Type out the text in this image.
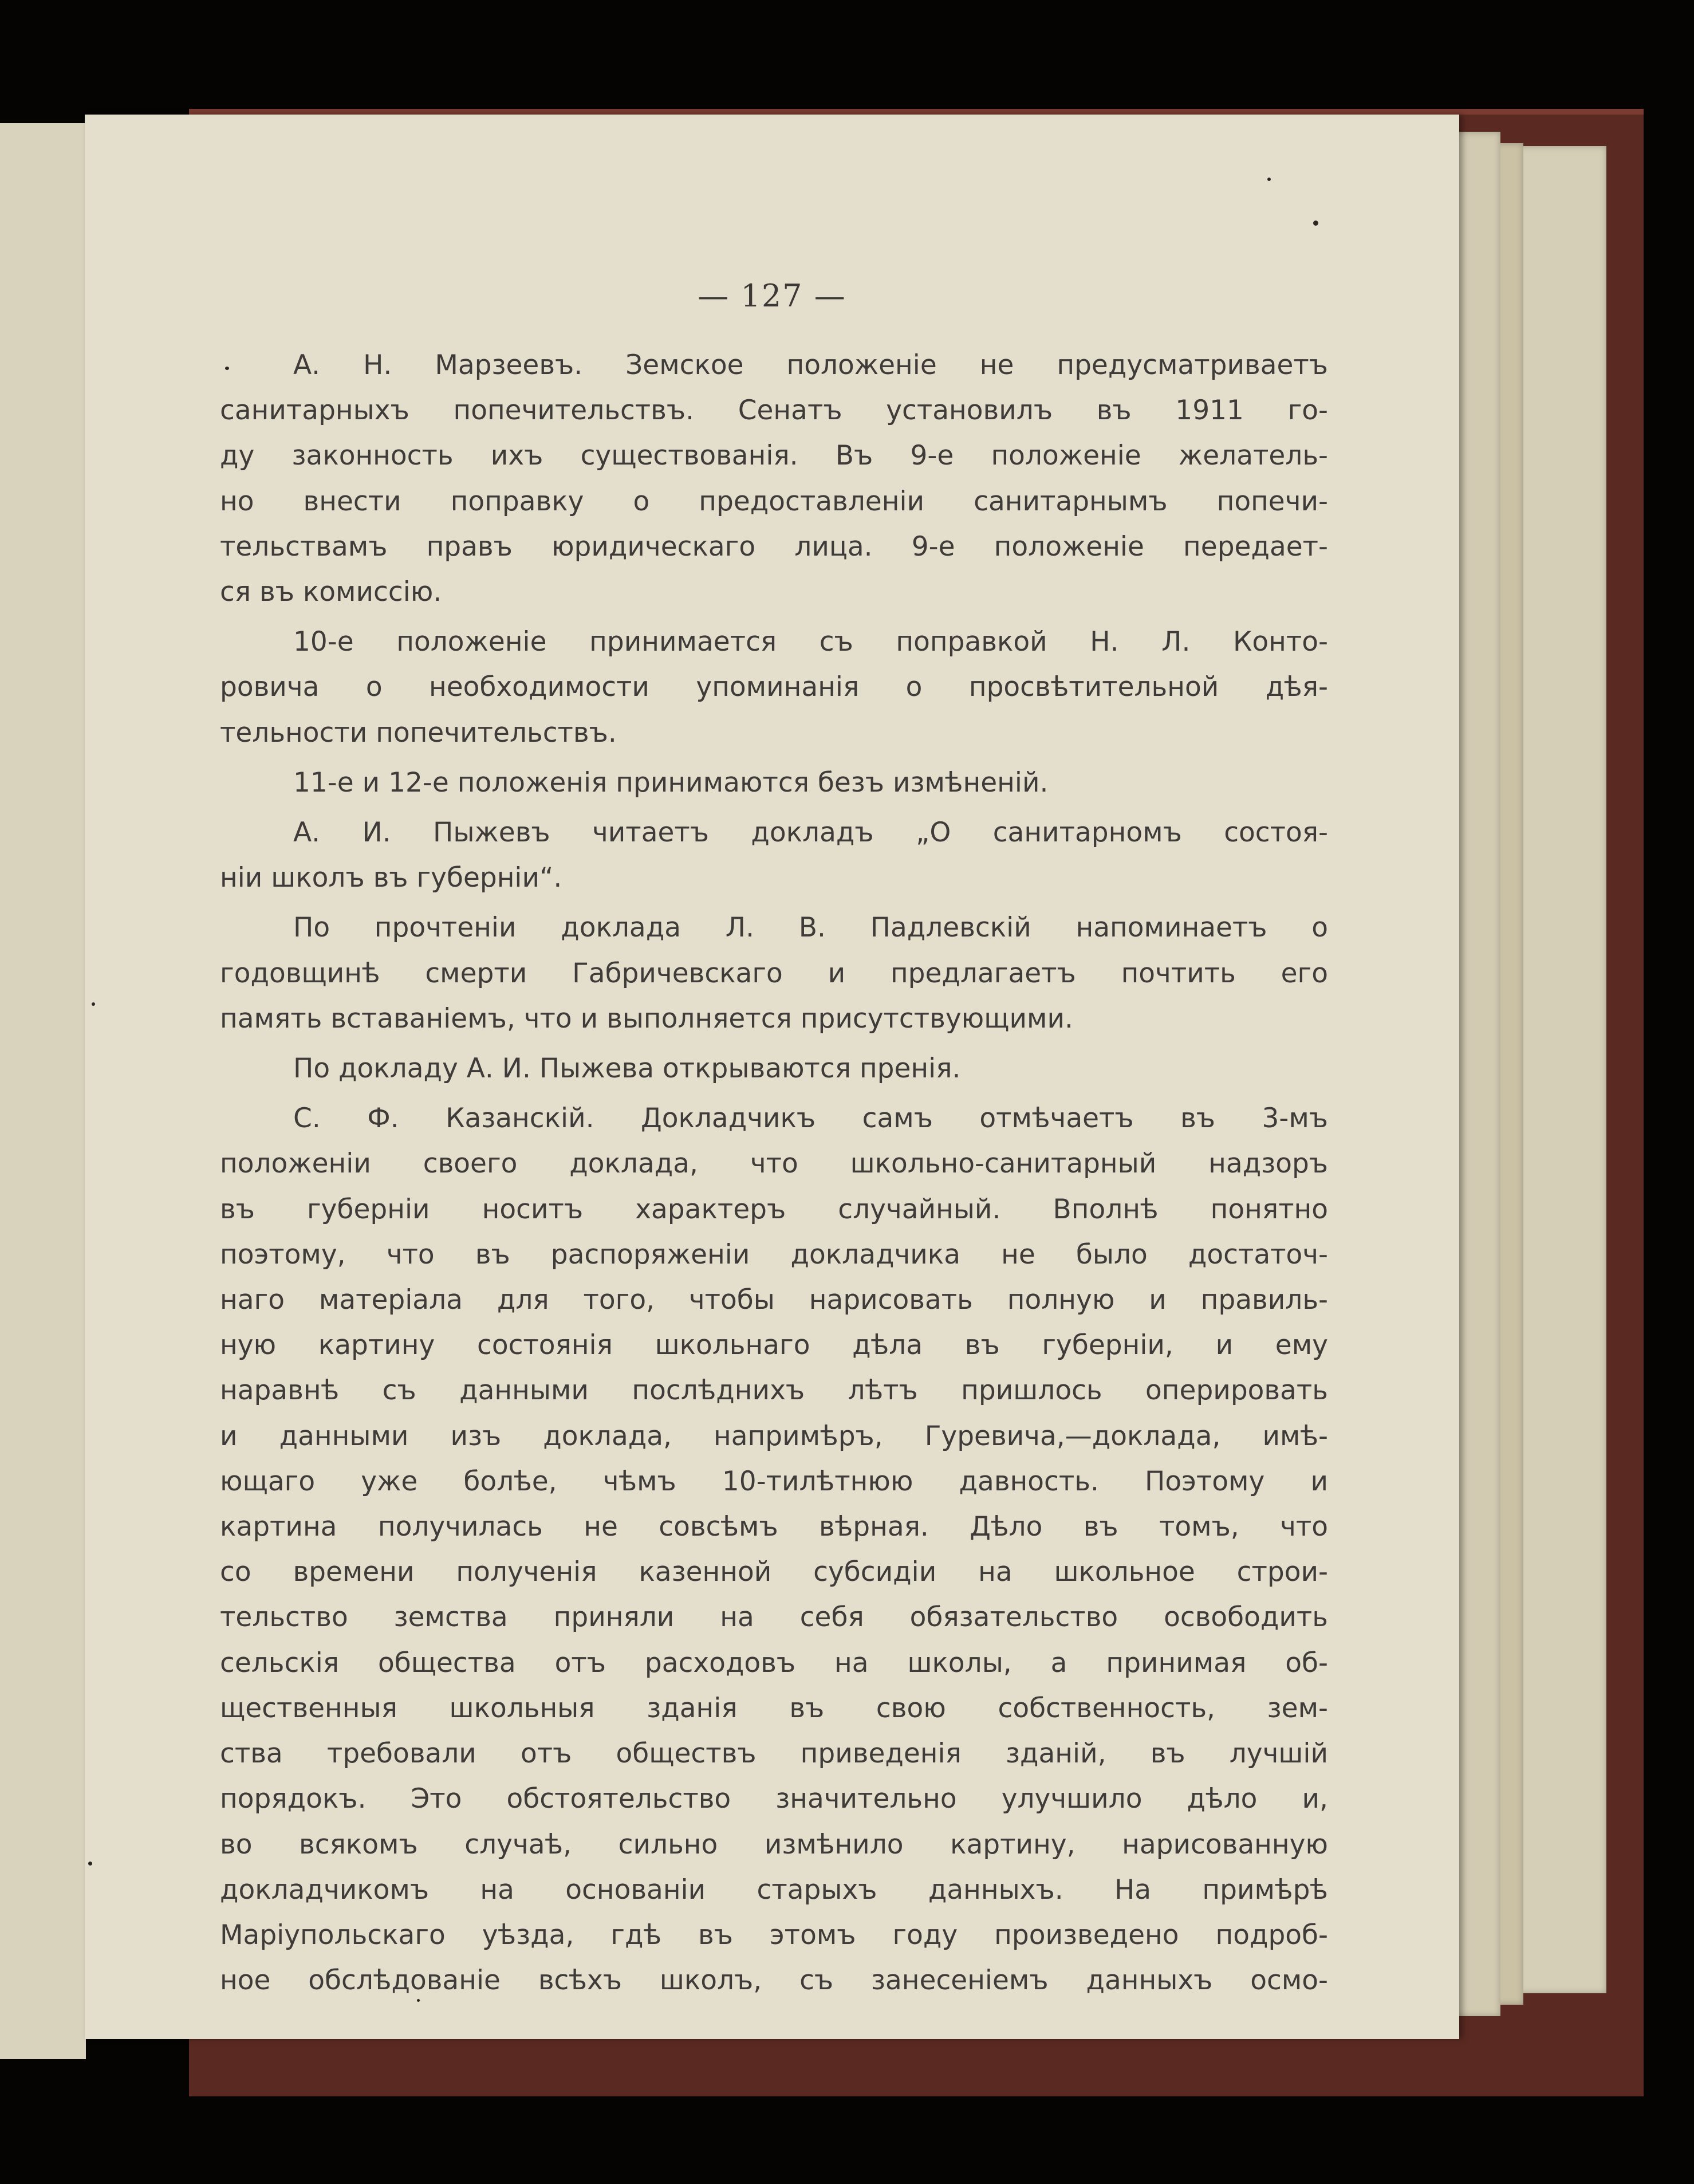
— 127 —
А. Н. Марзеевъ. Земское положенiе не предусматриваетъ
санитарныхъ попечительствъ. Сенатъ установилъ въ 1911 го-
ду законность ихъ существованiя. Въ 9-е положенiе желатель-
но внести поправку о предоставленiи санитарнымъ попечи-
тельствамъ правъ юридическаго лица. 9-е положенiе передает-
ся въ комиссiю.
10-е положенiе принимается съ поправкой Н. Л. Конто-
ровича о необходимости упоминанiя о просвѣтительной дѣя-
тельности попечительствъ.
11-е и 12-е положенiя принимаются безъ измѣненiй.
А. И. Пыжевъ читаетъ докладъ „О санитарномъ состоя-
нiи школъ въ губернiи“.
По прочтенiи доклада Л. В. Падлевскiй напоминаетъ о
годовщинѣ смерти Габричевскаго и предлагаетъ почтить его
память вставанiемъ, что и выполняется присутствующими.
По докладу А. И. Пыжева открываются пренiя.
С. Ф. Казанскiй. Докладчикъ самъ отмѣчаетъ въ 3-мъ
положенiи своего доклада, что школьно-санитарный надзоръ
въ губернiи носитъ характеръ случайный. Вполнѣ понятно
поэтому, что въ распоряженiи докладчика не было достаточ-
наго матерiала для того, чтобы нарисовать полную и правиль-
ную картину состоянiя школьнаго дѣла въ губернiи, и ему
наравнѣ съ данными послѣднихъ лѣтъ пришлось оперировать
и данными изъ доклада, напримѣръ, Гуревича,—доклада, имѣ-
ющаго уже болѣе, чѣмъ 10-тилѣтнюю давность. Поэтому и
картина получилась не совсѣмъ вѣрная. Дѣло въ томъ, что
со времени полученiя казенной субсидiи на школьное строи-
тельство земства приняли на себя обязательство освободить
сельскiя общества отъ расходовъ на школы, а принимая об-
щественныя школьныя зданiя въ свою собственность, зем-
ства требовали отъ обществъ приведенiя зданiй, въ лучшiй
порядокъ. Это обстоятельство значительно улучшило дѣло и,
во всякомъ случаѣ, сильно измѣнило картину, нарисованную
докладчикомъ на основанiи старыхъ данныхъ. На примѣрѣ
Марiупольскаго уѣзда, гдѣ въ этомъ году произведено подроб-
ное обслѣдованiе всѣхъ школъ, съ занесенiемъ данныхъ осмо-
